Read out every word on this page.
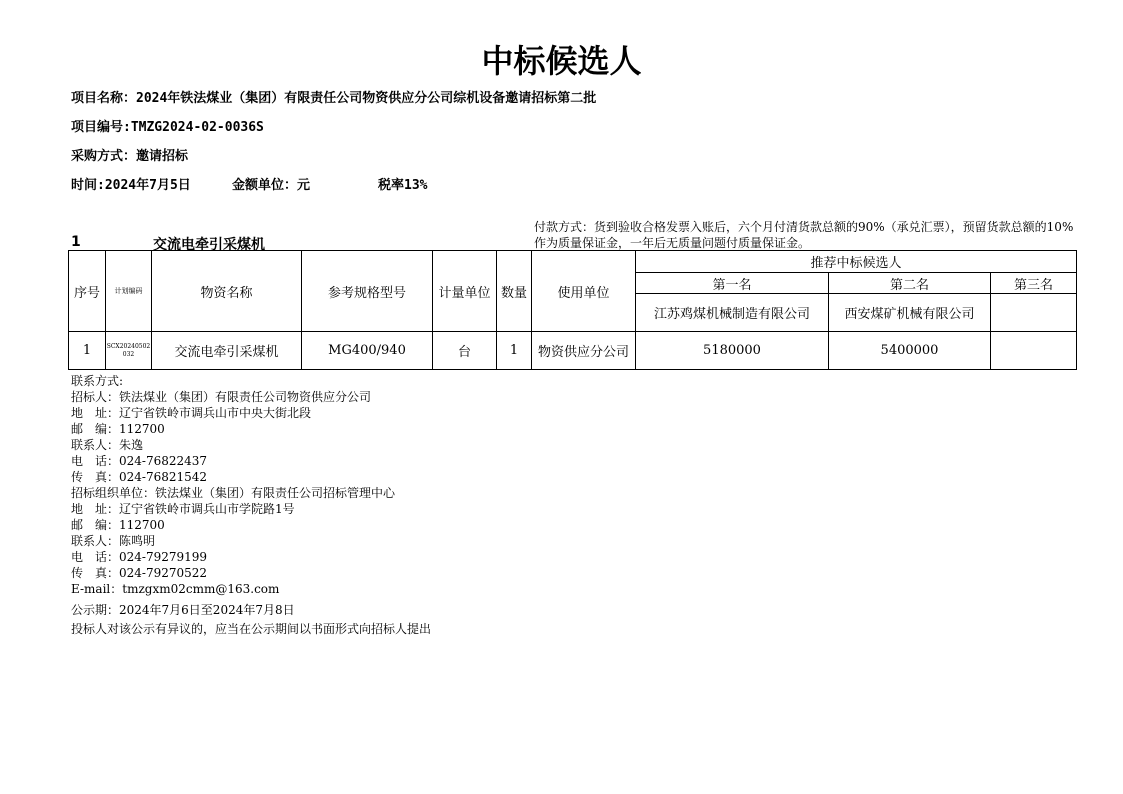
中标候选人
项目名称：2024年铁法煤业（集团）有限责任公司物资供应分公司综机设备邀请招标第二批
项目编号:TMZG2024-02-0036S
采购方式：邀请招标
时间:2024年7月5日	金额单位：元	税率13%
付款方式：货到验收合格发票入账后，六个月付清货款总额的90%（承兑汇票），预留货款总额的10%作为质量保证金，一年后无质量问题付质量保证金。
1	交流电牵引采煤机
序号	计划编码	物资名称	参考规格型号	计量单位	数量	使用单位	推荐中标候选人		
							第一名	第二名	第三名
							江苏鸡煤机械制造有限公司	西安煤矿机械有限公司	
1	SCX20240502032	交流电牵引采煤机	MG400/940	台	1	物资供应分公司	5180000	5400000	
联系方式:
招标人：铁法煤业（集团）有限责任公司物资供应分公司
地　址：辽宁省铁岭市调兵山市中央大街北段
邮　编：112700
联系人：朱逸
电　话：024-76822437
传　真：024-76821542
招标组织单位：铁法煤业（集团）有限责任公司招标管理中心
地　址：辽宁省铁岭市调兵山市学院路1号
邮　编：112700
联系人：陈鸣明
电　话：024-79279199
传　真：024-79270522
E-mail：tmzgxm02cmm@163.com
公示期：2024年7月6日至2024年7月8日
投标人对该公示有异议的，应当在公示期间以书面形式向招标人提出
